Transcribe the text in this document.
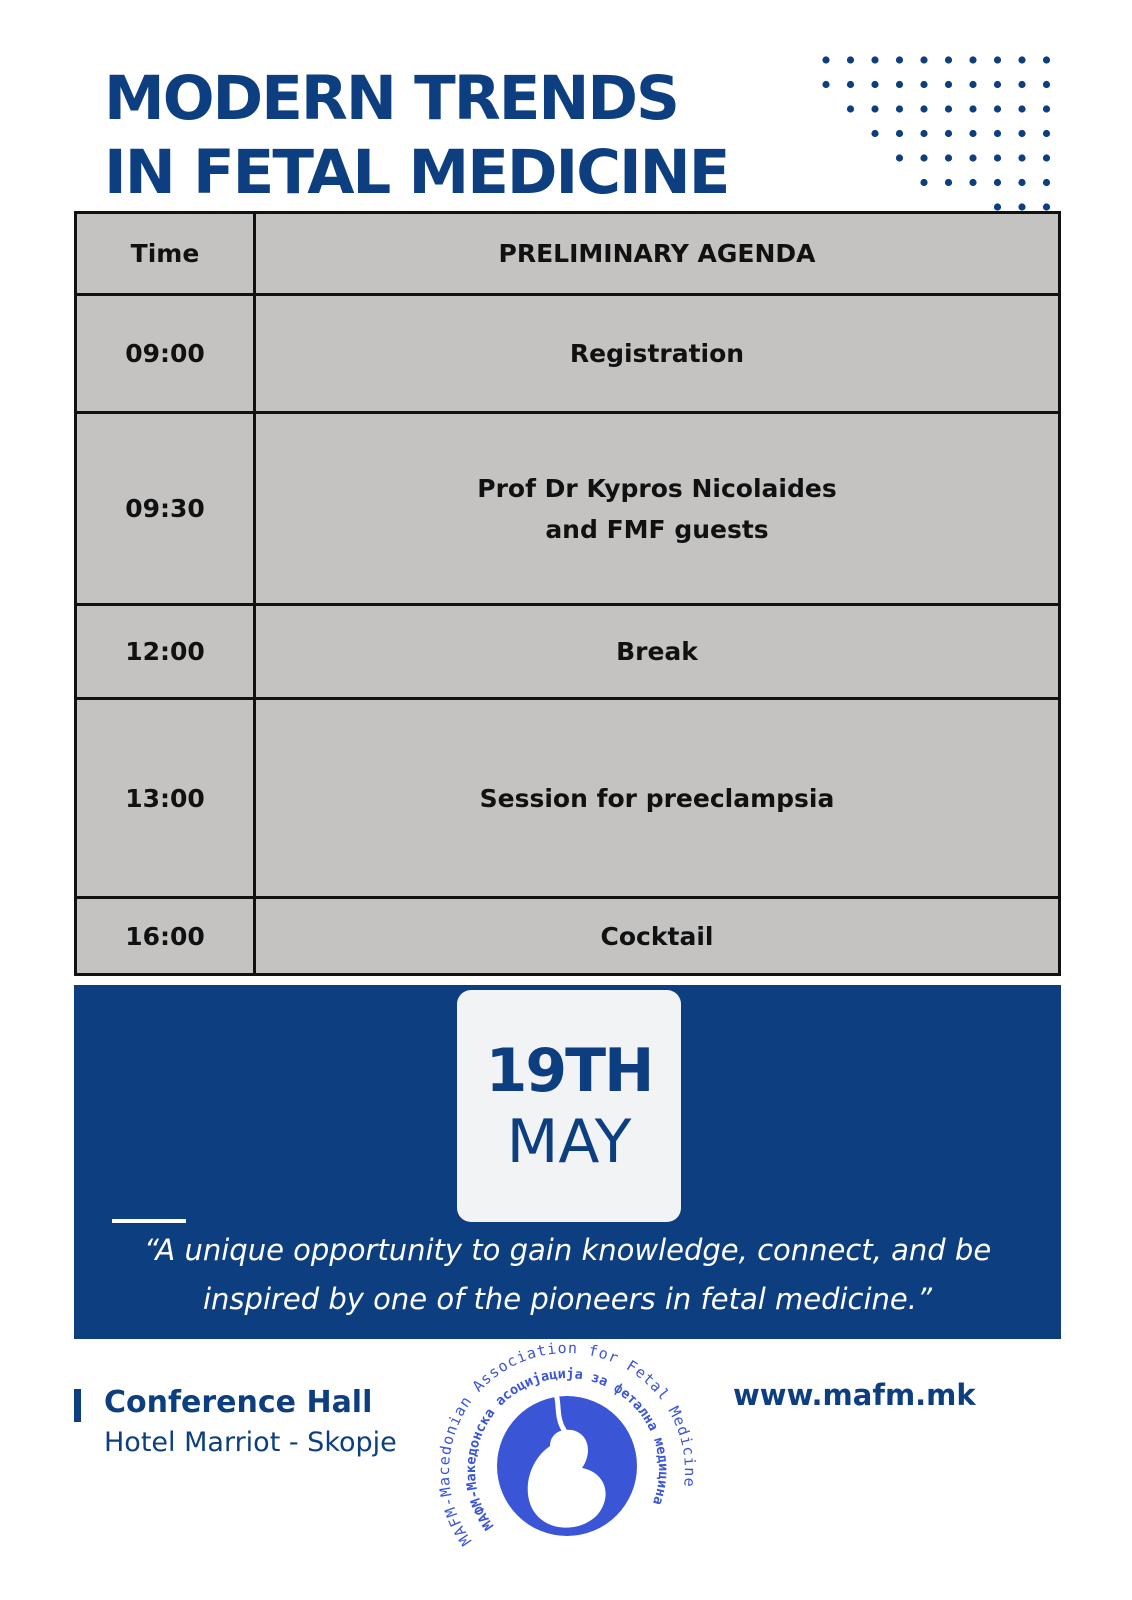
MODERN TRENDS
IN FETAL MEDICINE
Time	PRELIMINARY AGENDA
09:00	Registration
09:30	Prof Dr Kypros Nicolaides
and FMF guests
12:00	Break
13:00	Session for preeclampsia
16:00	Cocktail
19TH
MAY

“A unique opportunity to gain knowledge, connect, and be
inspired by one of the pioneers in fetal medicine.”

Conference Hall
Hotel Marriot - Skopje
MAFM-Macedonian Association for Fetal Medicine
МАФМ-Македонска асоцијација за фетална медицина
www.mafm.mk
